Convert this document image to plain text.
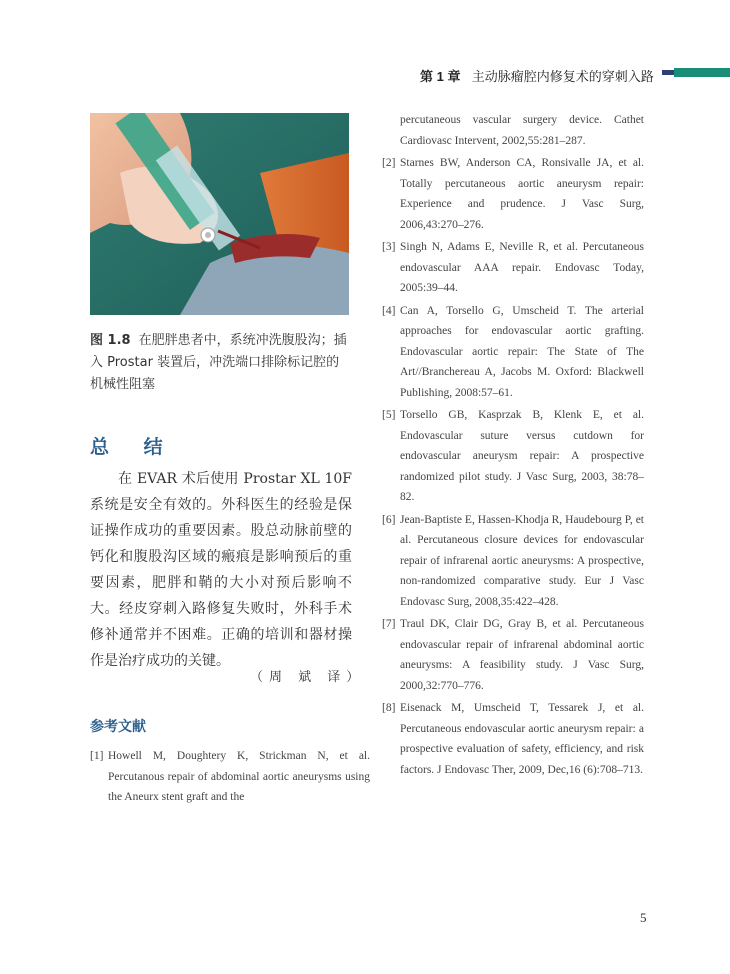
第 1 章 主动脉瘤腔内修复术的穿刺入路
图 1.8 在肥胖患者中，系统冲洗腹股沟；插入 Prostar 装置后，冲洗端口排除标记腔的机械性阻塞
总 结
在 EVAR 术后使用 Prostar XL 10F 系统是安全有效的。外科医生的经验是保证操作成功的重要因素。股总动脉前壁的钙化和腹股沟区域的瘢痕是影响预后的重要因素，肥胖和鞘的大小对预后影响不大。经皮穿刺入路修复失败时，外科手术修补通常并不困难。正确的培训和器材操作是治疗成功的关键。
（周 斌 译）
参考文献
[1] Howell M, Doughtery K, Strickman N, et al. Percutanous repair of abdominal aortic aneurysms using the Aneurx stent graft and the

percutaneous vascular surgery device. Cathet Cardiovasc Intervent, 2002,55:281–287.

[2] Starnes BW, Anderson CA, Ronsivalle JA, et al. Totally percutaneous aortic aneurysm repair: Experience and prudence. J Vasc Surg, 2006,43:270–276.

[3] Singh N, Adams E, Neville R, et al. Percutaneous endovascular AAA repair. Endovasc Today, 2005:39–44.

[4] Can A, Torsello G, Umscheid T. The arterial approaches for endovascular aortic grafting. Endovascular aortic repair: The State of The Art//Branchereau A, Jacobs M. Oxford: Blackwell Publishing, 2008:57–61.

[5] Torsello GB, Kasprzak B, Klenk E, et al. Endovascular suture versus cutdown for endovascular aneurysm repair: A prospective randomized pilot study. J Vasc Surg, 2003, 38:78–82.

[6] Jean-Baptiste E, Hassen-Khodja R, Haudebourg P, et al. Percutaneous closure devices for endovascular repair of infrarenal aortic aneurysms: A prospective, non-randomized comparative study. Eur J Vasc Endovasc Surg, 2008,35:422–428.

[7] Traul DK, Clair DG, Gray B, et al. Percutaneous endovascular repair of infrarenal abdominal aortic aneurysms: A feasibility study. J Vasc Surg, 2000,32:770–776.

[8] Eisenack M, Umscheid T, Tessarek J, et al. Percutaneous endovascular aortic aneurysm repair: a prospective evaluation of safety, efficiency, and risk factors. J Endovasc Ther, 2009, Dec,16 (6):708–713.

5
